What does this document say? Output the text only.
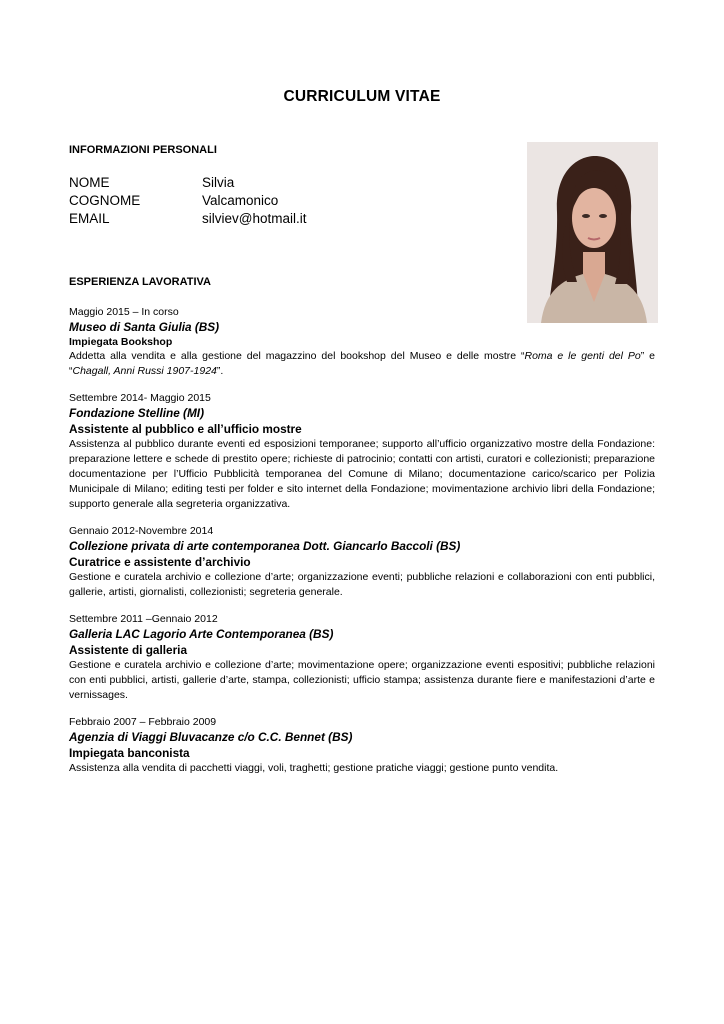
CURRICULUM VITAE
INFORMAZIONI PERSONALI
NOME	Silvia
COGNOME	Valcamonico
EMAIL	silviev@hotmail.it
ESPERIENZA LAVORATIVA
Maggio 2015 – In corso
Museo di Santa Giulia (BS)
Impiegata Bookshop
Addetta alla vendita e alla gestione del magazzino del bookshop del Museo e delle mostre “Roma e le genti del Po” e “Chagall, Anni Russi 1907-1924”.
Settembre 2014- Maggio 2015
Fondazione Stelline (MI)
Assistente al pubblico e all’ufficio mostre
Assistenza al pubblico durante eventi ed esposizioni temporanee; supporto all’ufficio organizzativo mostre della Fondazione: preparazione lettere e schede di prestito opere; richieste di patrocinio; contatti con artisti, curatori e collezionisti; preparazione documentazione per l’Ufficio Pubblicità temporanea del Comune di Milano; documentazione carico/scarico per Polizia Municipale di Milano; editing testi per folder e sito internet della Fondazione; movimentazione archivio libri della Fondazione; supporto generale alla segreteria organizzativa.
Gennaio 2012-Novembre 2014
Collezione privata di arte contemporanea Dott. Giancarlo Baccoli (BS)
Curatrice e assistente d’archivio
Gestione e curatela archivio e collezione d’arte; organizzazione eventi; pubbliche relazioni e collaborazioni con enti pubblici, gallerie, artisti, giornalisti, collezionisti; segreteria generale.
Settembre 2011 –Gennaio 2012
Galleria LAC Lagorio Arte Contemporanea (BS)
Assistente di galleria
Gestione e curatela archivio e collezione d’arte; movimentazione opere; organizzazione eventi espositivi; pubbliche relazioni con enti pubblici, artisti, gallerie d’arte, stampa, collezionisti; ufficio stampa; assistenza durante fiere e manifestazioni d’arte e vernissages.
Febbraio 2007 – Febbraio 2009
Agenzia di Viaggi Bluvacanze c/o C.C. Bennet (BS)
Impiegata banconista
Assistenza alla vendita di pacchetti viaggi, voli, traghetti; gestione pratiche viaggi; gestione punto vendita.
